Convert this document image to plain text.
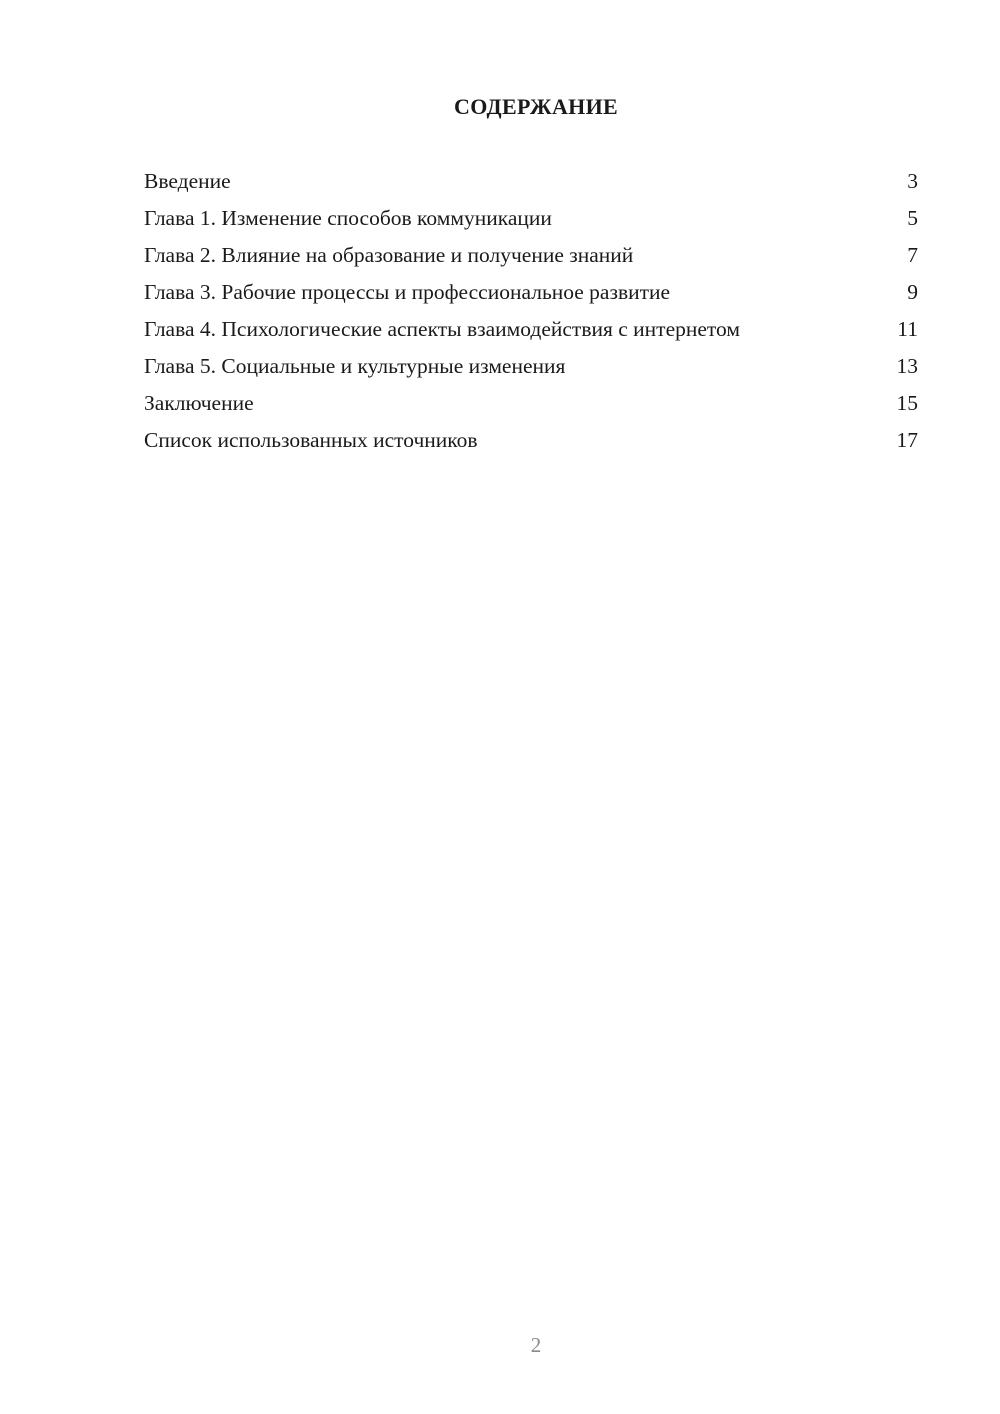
СОДЕРЖАНИЕ
Введение	3
Глава 1. Изменение способов коммуникации	5
Глава 2. Влияние на образование и получение знаний	7
Глава 3. Рабочие процессы и профессиональное развитие	9
Глава 4. Психологические аспекты взаимодействия с интернетом	11
Глава 5. Социальные и культурные изменения	13
Заключение	15
Список использованных источников	17
2
